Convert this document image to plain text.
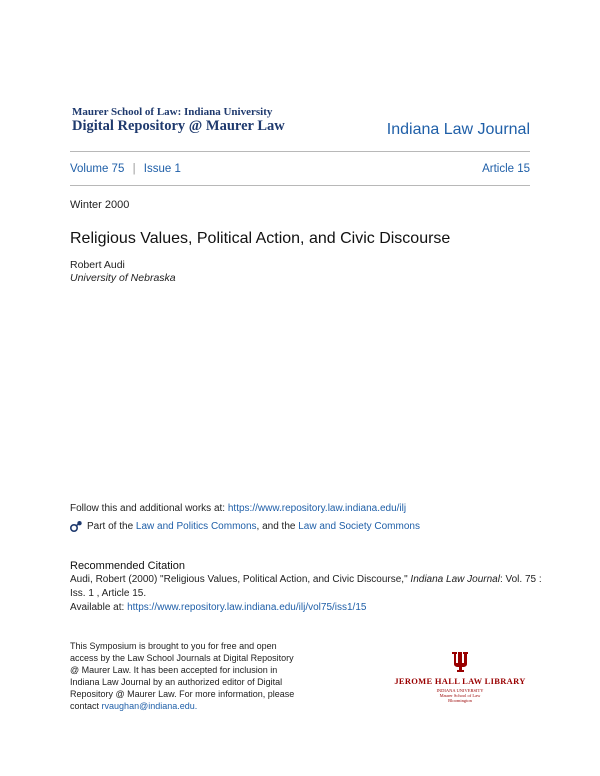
Maurer School of Law: Indiana University
Digital Repository @ Maurer Law	Indiana Law Journal
Volume 75 | Issue 1	Article 15
Winter 2000
Religious Values, Political Action, and Civic Discourse
Robert Audi
University of Nebraska
Follow this and additional works at: https://www.repository.law.indiana.edu/ilj
Part of the
Law and Politics Commons , and the
Law and Society Commons
Recommended Citation
Audi, Robert (2000) "Religious Values, Political Action, and Civic Discourse," Indiana Law Journal: Vol. 75 :
Iss. 1 , Article 15.
Available at: https://www.repository.law.indiana.edu/ilj/vol75/iss1/15
This Symposium is brought to you for free and open
access by the Law School Journals at Digital Repository
@ Maurer Law. It has been accepted for inclusion in
Indiana Law Journal by an authorized editor of Digital
Repository @ Maurer Law. For more information, please
contact rvaughan@indiana.edu.
JEROME HALL LAW LIBRARY
INDIANA UNIVERSITY
Maurer School of Law
Bloomington
